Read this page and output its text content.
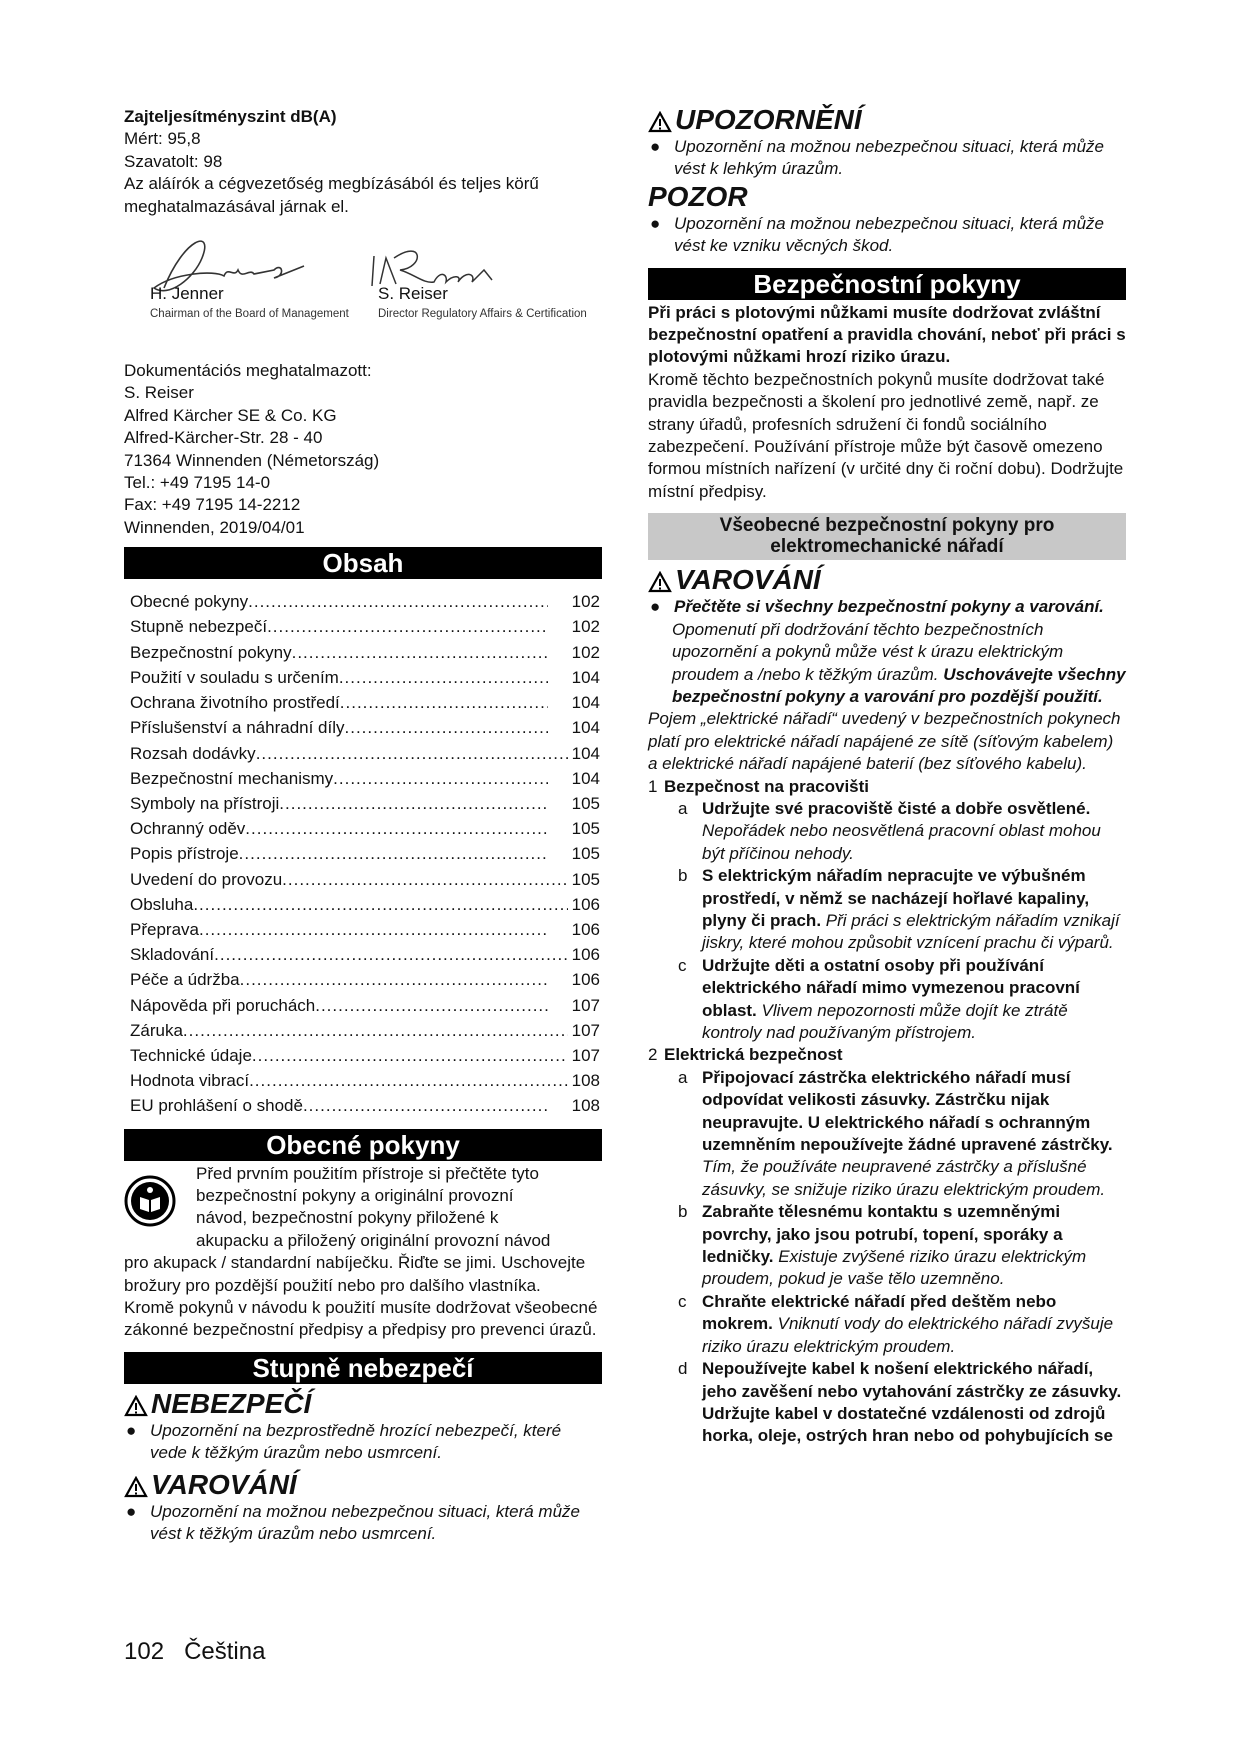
Zajteljesítményszint dB(A)

Mért: 95,8

Szavatolt: 98

Az aláírók a cégvezetőség megbízásából és teljes körű meghatalmazásával járnak el.

H. Jenner
Chairman of the Board of Management
S. Reiser
Director Regulatory Affairs & Certification

Dokumentációs meghatalmazott:

S. Reiser

Alfred Kärcher SE & Co. KG

Alfred-Kärcher-Str. 28 - 40

71364 Winnenden (Németország)

Tel.: +49 7195 14-0

Fax: +49 7195 14-2212

Winnenden, 2019/04/01

Obsah
Obecné pokyny .....	102
Stupně nebezpečí .....	102
Bezpečnostní pokyny .....	102
Použití v souladu s určením .....	104
Ochrana životního prostředí .....	104
Příslušenství a náhradní díly .....	104
Rozsah dodávky .....	104
Bezpečnostní mechanismy .....	104
Symboly na přístroji .....	105
Ochranný oděv .....	105
Popis přístroje .....	105
Uvedení do provozu .....	105
Obsluha .....	106
Přeprava .....	106
Skladování .....	106
Péče a údržba .....	106
Nápověda při poruchách .....	107
Záruka .....	107
Technické údaje .....	107
Hodnota vibrací .....	108
EU prohlášení o shodě .....	108
Obecné pokyny

Před prvním použitím přístroje si přečtěte tyto

bezpečnostní pokyny a originální provozní

návod, bezpečnostní pokyny přiložené k

akupacku a přiložený originální provozní návod

pro akupack / standardní nabíječku. Řiďte se jimi. Uschovejte brožury pro pozdější použití nebo pro dalšího vlastníka.

Kromě pokynů v návodu k použití musíte dodržovat všeobecné zákonné bezpečnostní předpisy a předpisy pro prevenci úrazů.

Stupně nebezpečí
NEBEZPEČÍ
● Upozornění na bezprostředně hrozící nebezpečí, které vede k těžkým úrazům nebo usmrcení.
VAROVÁNÍ
● Upozornění na možnou nebezpečnou situaci, která může vést k těžkým úrazům nebo usmrcení.
UPOZORNĚNÍ
● Upozornění na možnou nebezpečnou situaci, která může vést k lehkým úrazům.
POZOR
● Upozornění na možnou nebezpečnou situaci, která může vést ke vzniku věcných škod.
Bezpečnostní pokyny

Při práci s plotovými nůžkami musíte dodržovat zvláštní bezpečnostní opatření a pravidla chování, neboť při práci s plotovými nůžkami hrozí riziko úrazu.

Kromě těchto bezpečnostních pokynů musíte dodržovat také pravidla bezpečnosti a školení pro jednotlivé země, např. ze strany úřadů, profesních sdružení či fondů sociálního zabezpečení. Používání přístroje může být časově omezeno formou místních nařízení (v určité dny či roční dobu). Dodržujte místní předpisy.

Všeobecné bezpečnostní pokyny pro elektromechanické nářadí
VAROVÁNÍ
● Přečtěte si všechny bezpečnostní pokyny a varování.
Opomenutí při dodržování těchto bezpečnostních upozornění a pokynů může vést k úrazu elektrickým proudem a /nebo k těžkým úrazům. Uschovávejte všechny bezpečnostní pokyny a varování pro pozdější použití.

Pojem „elektrické nářadí“ uvedený v bezpečnostních pokynech platí pro elektrické nářadí napájené ze sítě (síťovým kabelem) a elektrické nářadí napájené baterií (bez síťového kabelu).

1 Bezpečnost na pracovišti
a Udržujte své pracoviště čisté a dobře osvětlené. Nepořádek nebo neosvětlená pracovní oblast mohou být příčinou nehody.
b S elektrickým nářadím nepracujte ve výbušném prostředí, v němž se nacházejí hořlavé kapaliny, plyny či prach. Při práci s elektrickým nářadím vznikají jiskry, které mohou způsobit vznícení prachu či výparů.
c Udržujte děti a ostatní osoby při používání elektrického nářadí mimo vymezenou pracovní oblast. Vlivem nepozornosti může dojít ke ztrátě kontroly nad používaným přístrojem.
2 Elektrická bezpečnost
a Připojovací zástrčka elektrického nářadí musí odpovídat velikosti zásuvky. Zástrčku nijak neupravujte. U elektrického nářadí s ochranným uzemněním nepoužívejte žádné upravené zástrčky. Tím, že používáte neupravené zástrčky a příslušné zásuvky, se snižuje riziko úrazu elektrickým proudem.
b Zabraňte tělesnému kontaktu s uzemněnými povrchy, jako jsou potrubí, topení, sporáky a ledničky. Existuje zvýšené riziko úrazu elektrickým proudem, pokud je vaše tělo uzemněno.
c Chraňte elektrické nářadí před deštěm nebo mokrem. Vniknutí vody do elektrického nářadí zvyšuje riziko úrazu elektrickým proudem.
d Nepoužívejte kabel k nošení elektrického nářadí, jeho zavěšení nebo vytahování zástrčky ze zásuvky. Udržujte kabel v dostatečné vzdálenosti od zdrojů horka, oleje, ostrých hran nebo od pohybujících se
102 Čeština
